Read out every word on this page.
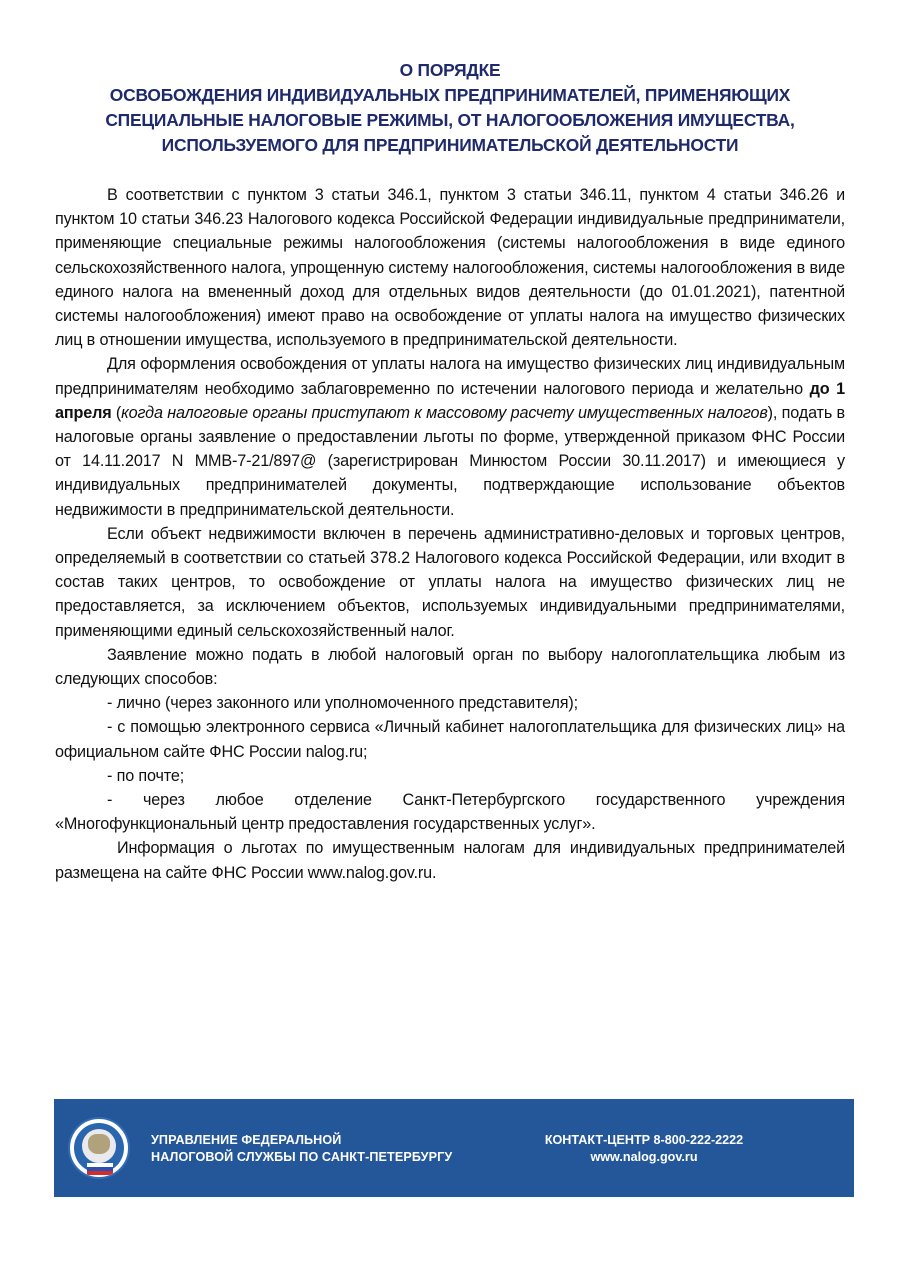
О ПОРЯДКЕ
ОСВОБОЖДЕНИЯ ИНДИВИДУАЛЬНЫХ ПРЕДПРИНИМАТЕЛЕЙ, ПРИМЕНЯЮЩИХ
СПЕЦИАЛЬНЫЕ НАЛОГОВЫЕ РЕЖИМЫ, ОТ НАЛОГООБЛОЖЕНИЯ ИМУЩЕСТВА,
ИСПОЛЬЗУЕМОГО ДЛЯ ПРЕДПРИНИМАТЕЛЬСКОЙ ДЕЯТЕЛЬНОСТИ

В соответствии с пунктом 3 статьи 346.1, пунктом 3 статьи 346.11, пунктом 4 статьи 346.26 и пунктом 10 статьи 346.23 Налогового кодекса Российской Федерации индивидуальные предприниматели, применяющие специальные режимы налогообложения (системы налогообложения в виде единого сельскохозяйственного налога, упрощенную систему налогообложения, системы налогообложения в виде единого налога на вмененный доход для отдельных видов деятельности (до 01.01.2021), патентной системы налогообложения) имеют право на освобождение от уплаты налога на имущество физических лиц в отношении имущества, используемого в предпринимательской деятельности.

Для оформления освобождения от уплаты налога на имущество физических лиц индивидуальным предпринимателям необходимо заблаговременно по истечении налогового периода и желательно до 1 апреля (когда налоговые органы приступают к массовому расчету имущественных налогов), подать в налоговые органы заявление о предоставлении льготы по форме, утвержденной приказом ФНС России от 14.11.2017 N ММВ-7-21/897@ (зарегистрирован Минюстом России 30.11.2017) и имеющиеся у индивидуальных предпринимателей документы, подтверждающие использование объектов недвижимости в предпринимательской деятельности.

Если объект недвижимости включен в перечень административно-деловых и торговых центров, определяемый в соответствии со статьей 378.2 Налогового кодекса Российской Федерации, или входит в состав таких центров, то освобождение от уплаты налога на имущество физических лиц не предоставляется, за исключением объектов, используемых индивидуальными предпринимателями, применяющими единый сельскохозяйственный налог.

Заявление можно подать в любой налоговый орган по выбору налогоплательщика любым из следующих способов:

- лично (через законного или уполномоченного представителя);

- с помощью электронного сервиса «Личный кабинет налогоплательщика для физических лиц» на официальном сайте ФНС России nalog.ru;

- по почте;

- через любое отделение Санкт-Петербургского государственного учреждения «Многофункциональный центр предоставления государственных услуг».

Информация о льготах по имущественным налогам для индивидуальных предпринимателей размещена на сайте ФНС России www.nalog.gov.ru.

УПРАВЛЕНИЕ ФЕДЕРАЛЬНОЙ
НАЛОГОВОЙ СЛУЖБЫ ПО САНКТ-ПЕТЕРБУРГУ
КОНТАКТ-ЦЕНТР 8-800-222-2222
www.nalog.gov.ru
